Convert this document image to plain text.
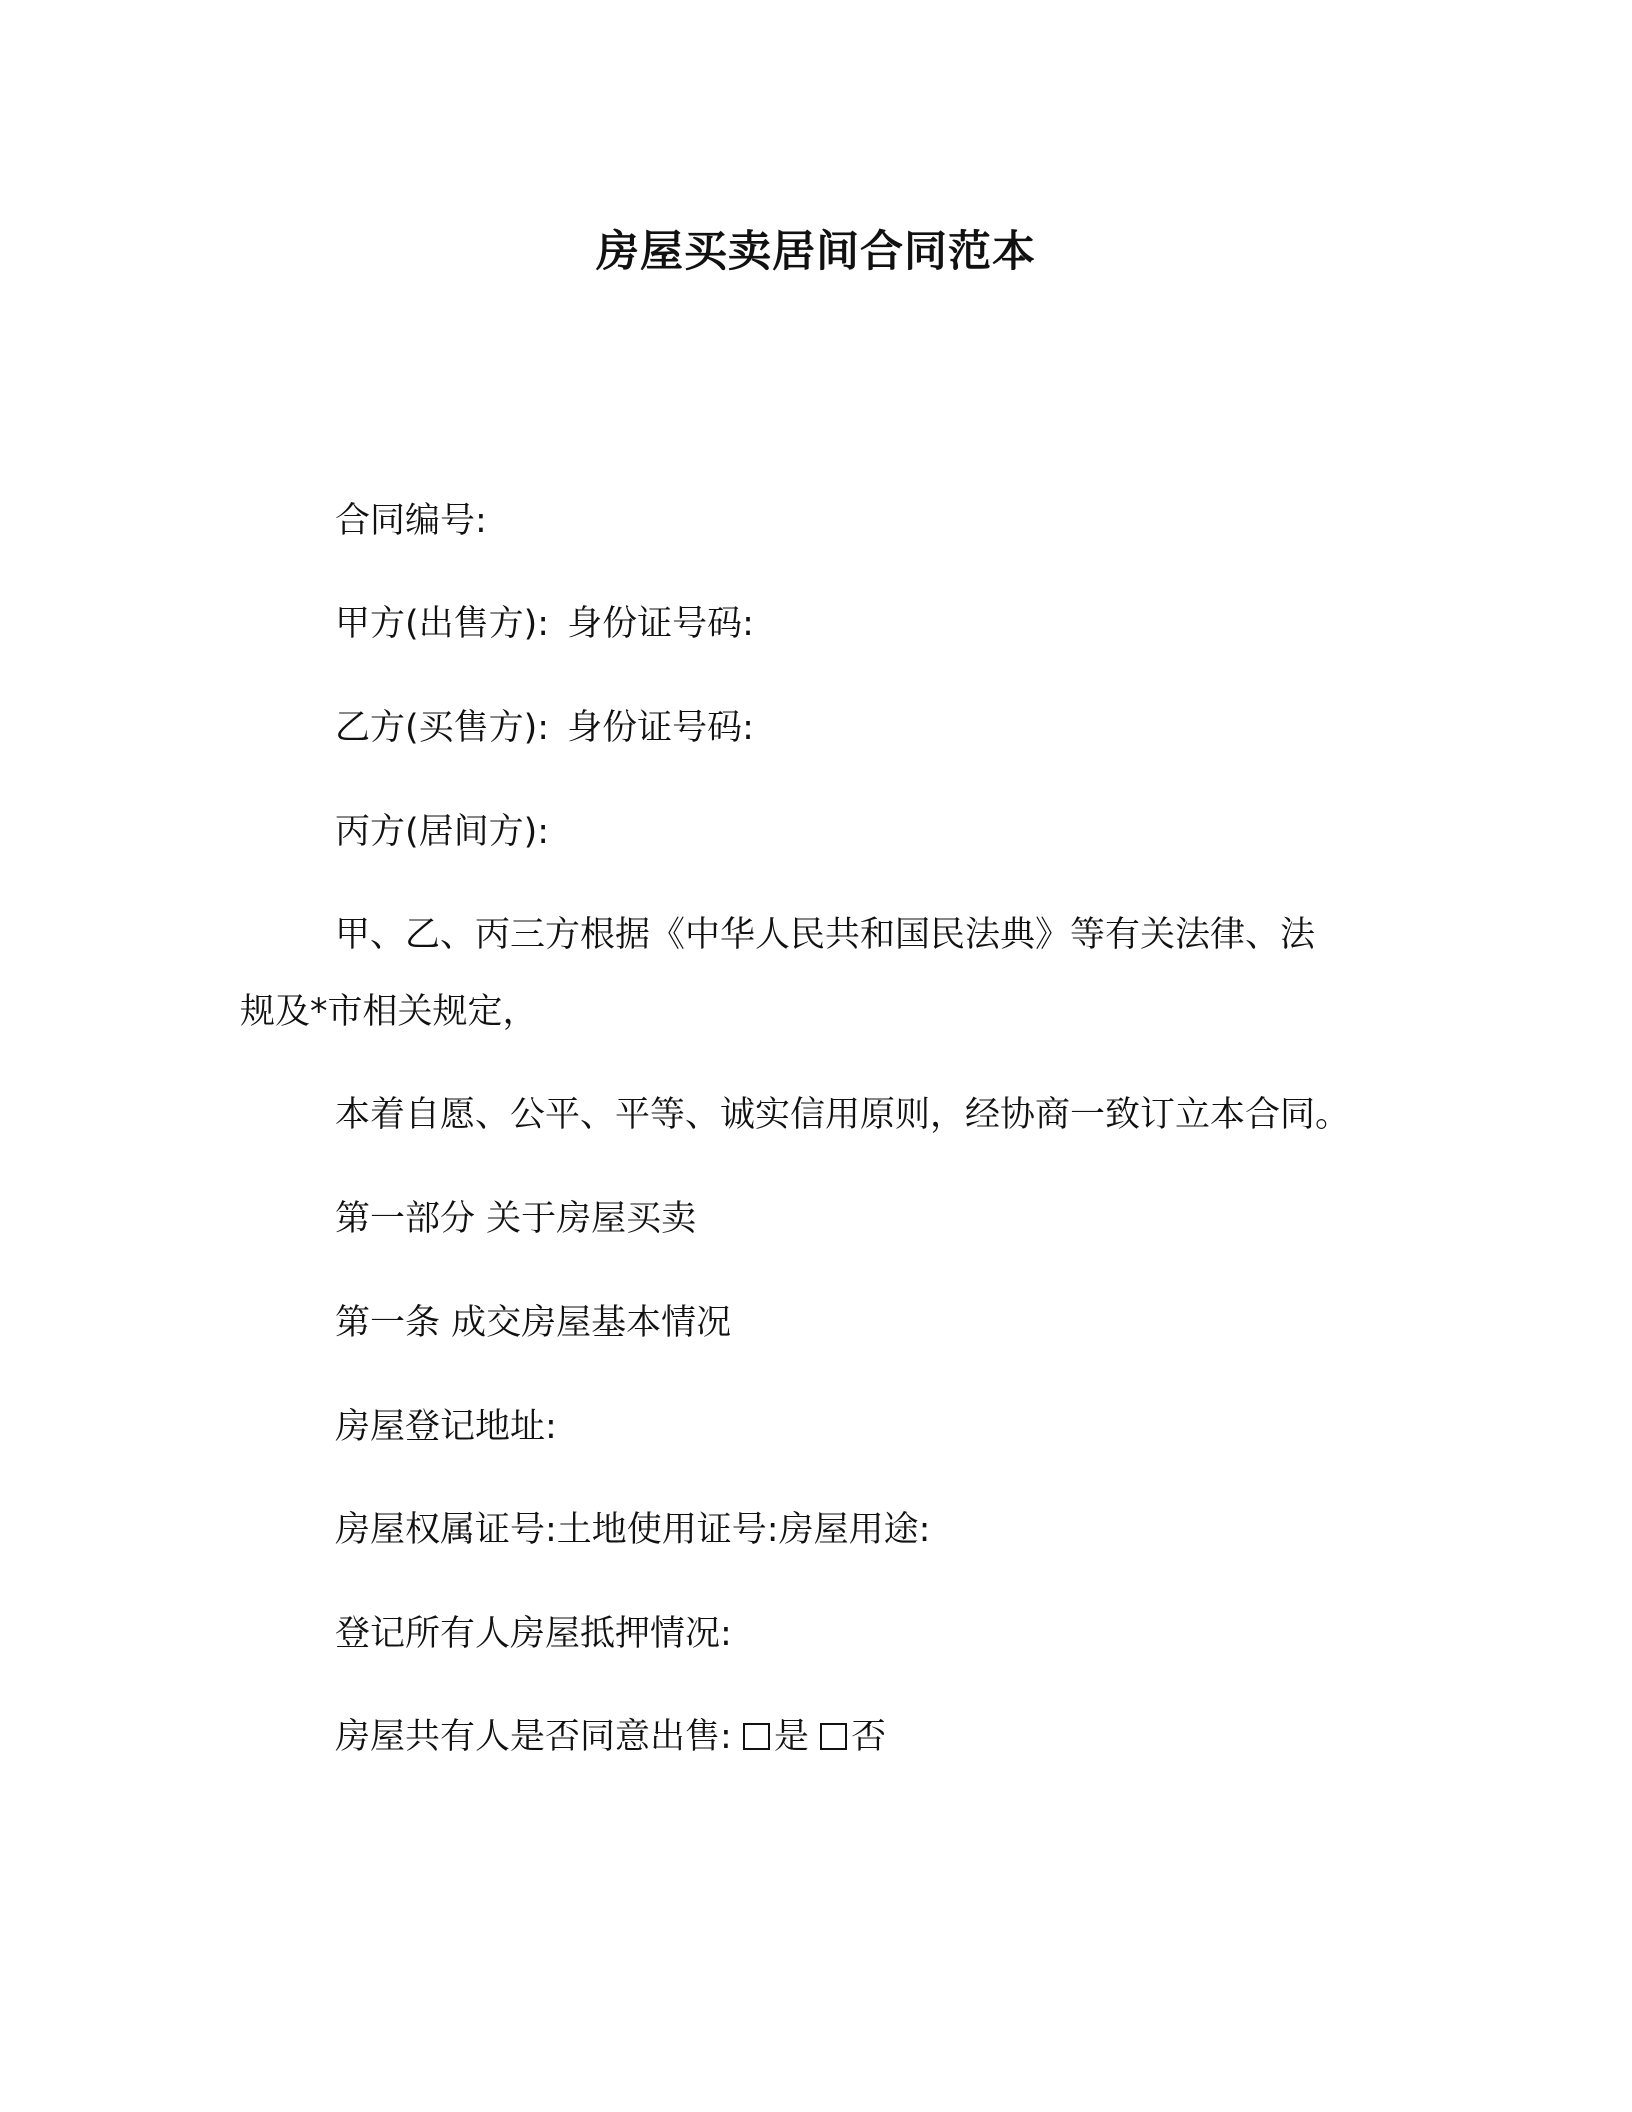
房屋买卖居间合同范本

合同编号:

甲方(出售方): 身份证号码:

乙方(买售方): 身份证号码:

丙方(居间方):

甲、乙、丙三方根据《中华人民共和国民法典》等有关法律、法

规及*市相关规定，

本着自愿、公平、平等、诚实信用原则，经协商一致订立本合同。

第一部分 关于房屋买卖

第一条 成交房屋基本情况

房屋登记地址:

房屋权属证号:土地使用证号:房屋用途:

登记所有人房屋抵押情况:

房屋共有人是否同意出售: 是 否
